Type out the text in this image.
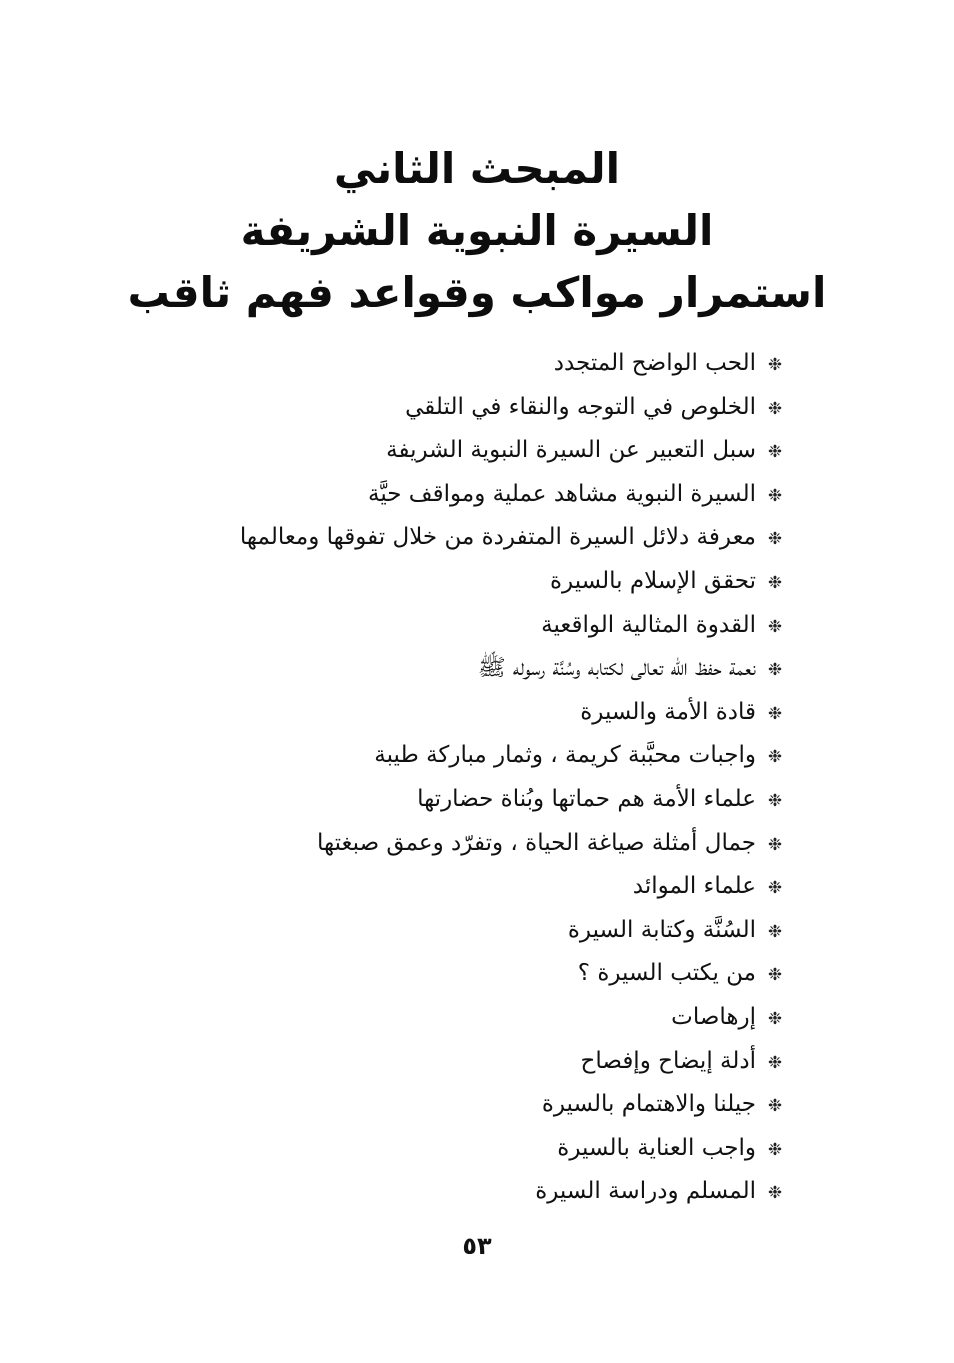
المبحث الثاني

السيرة النبوية الشريفة

استمرار مواكب وقواعد فهم ثاقب

❉الحب الواضح المتجدد
❉الخلوص في التوجه والنقاء في التلقي
❉سبل التعبير عن السيرة النبوية الشريفة
❉السيرة النبوية مشاهد عملية ومواقف حيَّة
❉معرفة دلائل السيرة المتفردة من خلال تفوقها ومعالمها
❉تحقق الإسلام بالسيرة
❉القدوة المثالية الواقعية
❉نعمة حفظ الله تعالى لكتابه وسُنَّة رسوله ﷺ
❉قادة الأمة والسيرة
❉واجبات محبَّبة كريمة ، وثمار مباركة طيبة
❉علماء الأمة هم حماتها وبُناة حضارتها
❉جمال أمثلة صياغة الحياة ، وتفرّد وعمق صبغتها
❉علماء الموائد
❉السُنَّة وكتابة السيرة
❉من يكتب السيرة ؟
❉إرهاصات
❉أدلة إيضاح وإفصاح
❉جيلنا والاهتمام بالسيرة
❉واجب العناية بالسيرة
❉المسلم ودراسة السيرة
٥٣
